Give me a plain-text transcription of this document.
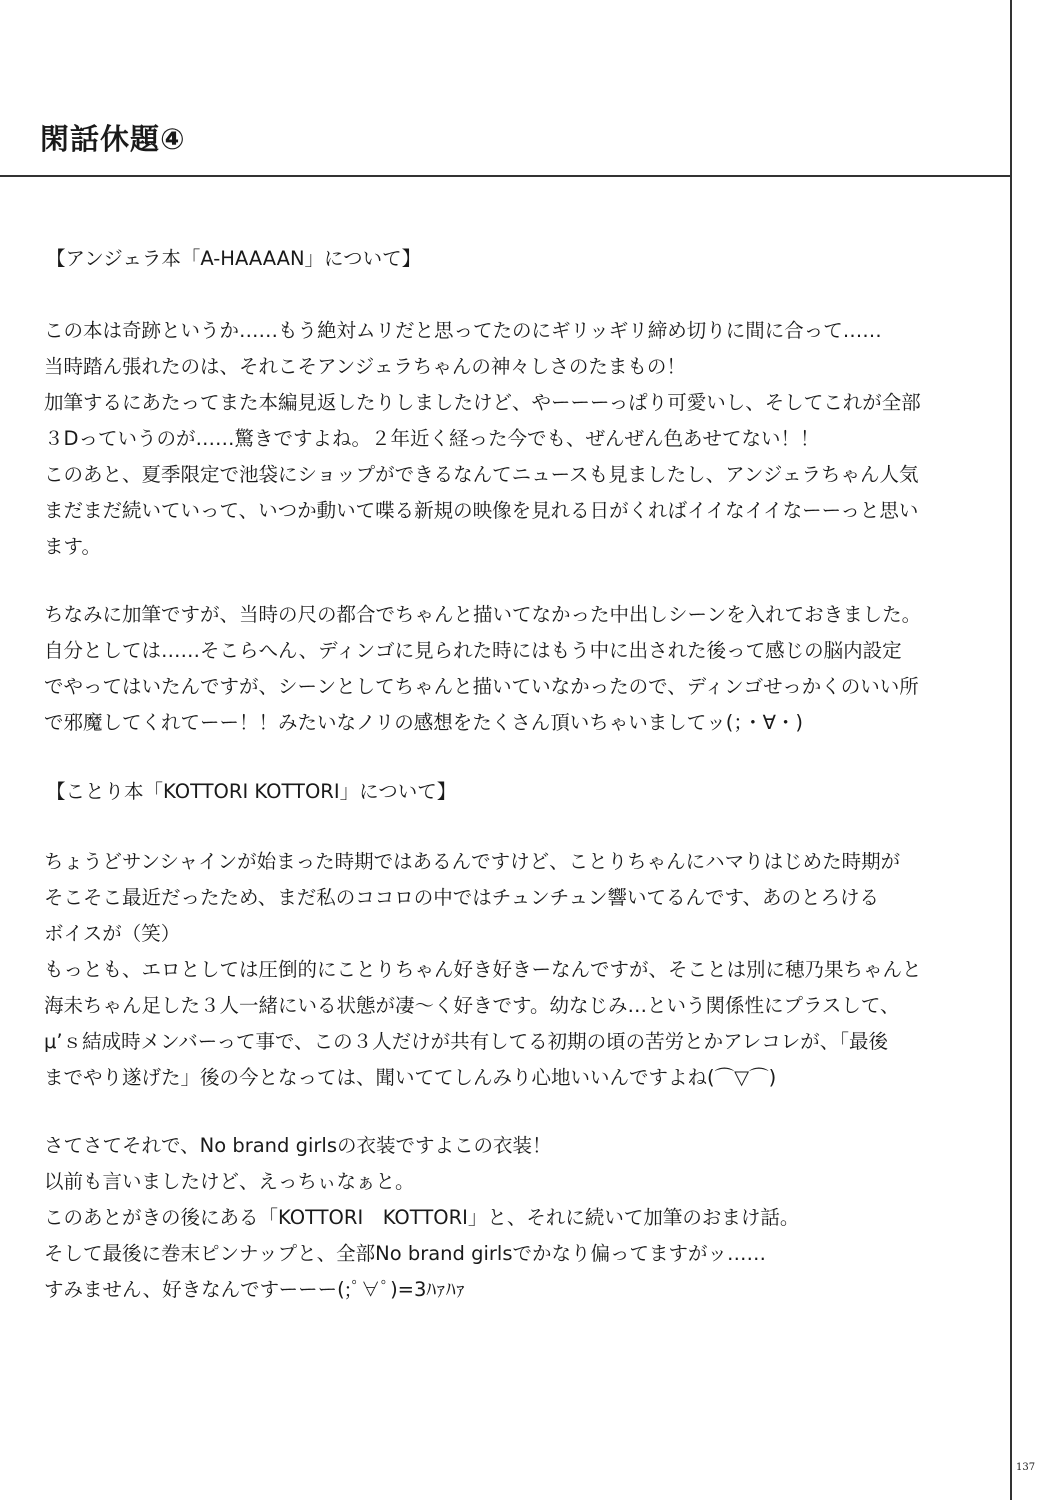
閑話休題④

【アンジェラ本「A-HAAAAN」について】

この本は奇跡というか……もう絶対ムリだと思ってたのにギリッギリ締め切りに間に合って……

当時踏ん張れたのは、それこそアンジェラちゃんの神々しさのたまもの！

加筆するにあたってまた本編見返したりしましたけど、やーーーっぱり可愛いし、そしてこれが全部

３Dっていうのが……驚きですよね。２年近く経った今でも、ぜんぜん色あせてない！！

このあと、夏季限定で池袋にショップができるなんてニュースも見ましたし、アンジェラちゃん人気

まだまだ続いていって、いつか動いて喋る新規の映像を見れる日がくればイイなイイなーーっと思い

ます。

ちなみに加筆ですが、当時の尺の都合でちゃんと描いてなかった中出しシーンを入れておきました。

自分としては……そこらへん、ディンゴに見られた時にはもう中に出された後って感じの脳内設定

でやってはいたんですが、シーンとしてちゃんと描いていなかったので、ディンゴせっかくのいい所

で邪魔してくれてーー！！みたいなノリの感想をたくさん頂いちゃいましてッ(；・∀・)

【ことり本「KOTTORI KOTTORI」について】

ちょうどサンシャインが始まった時期ではあるんですけど、ことりちゃんにハマりはじめた時期が

そこそこ最近だったため、まだ私のココロの中ではチュンチュン響いてるんです、あのとろける

ボイスが（笑）

もっとも、エロとしては圧倒的にことりちゃん好き好きーなんですが、そことは別に穂乃果ちゃんと

海未ちゃん足した３人一緒にいる状態が凄〜く好きです。幼なじみ…という関係性にプラスして、

μ’ｓ結成時メンバーって事で、この３人だけが共有してる初期の頃の苦労とかアレコレが、「最後

までやり遂げた」後の今となっては、聞いててしんみり心地いいんですよね(⌒▽⌒)

さてさてそれで、No brand girlsの衣装ですよこの衣装！

以前も言いましたけど、えっちぃなぁと。

このあとがきの後にある「KOTTORI　KOTTORI」と、それに続いて加筆のおまけ話。

そして最後に巻末ピンナップと、全部No brand girlsでかなり偏ってますがッ……

すみません、好きなんですーーー(;ﾟ∀ﾟ)=3ﾊｧﾊｧ

137
